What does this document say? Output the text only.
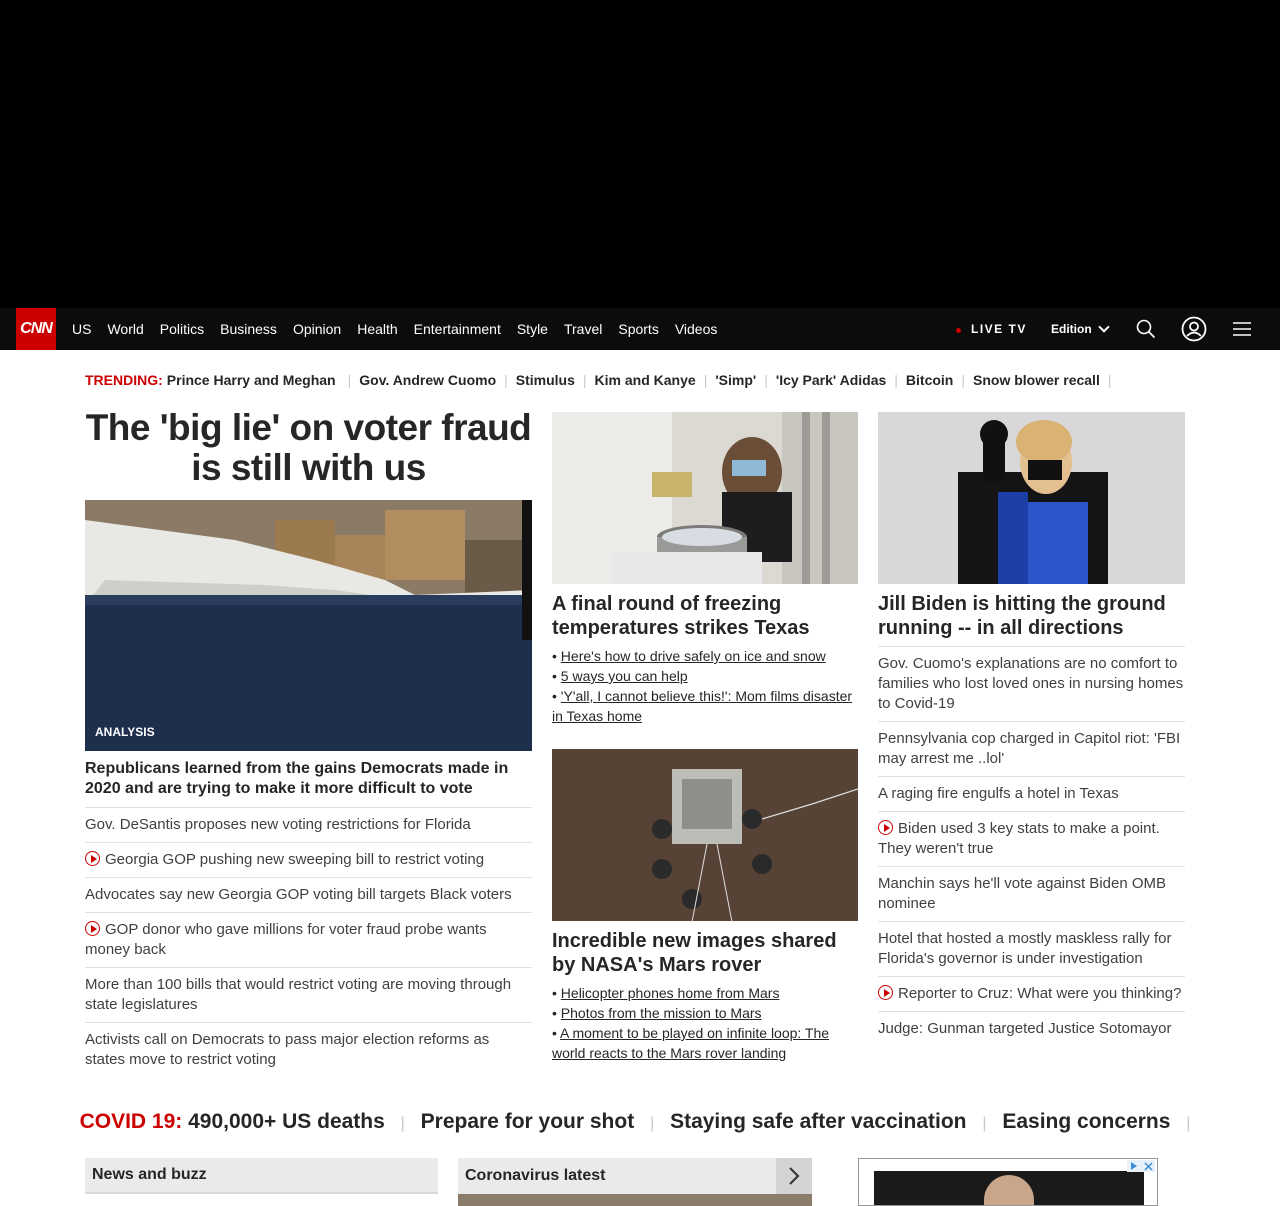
CNN US World Politics Business Opinion Health Entertainment Style Travel Sports Videos	LIVE TV Edition
TRENDING: Prince Harry and Meghan | Gov. Andrew Cuomo | Stimulus | Kim and Kanye | 'Simp' | 'Icy Park' Adidas | Bitcoin | Snow blower recall |
The 'big lie' on voter fraud is still with us
ANALYSIS
Republicans learned from the gains Democrats made in 2020 and are trying to make it more difficult to vote
Gov. DeSantis proposes new voting restrictions for Florida
Georgia GOP pushing new sweeping bill to restrict voting
Advocates say new Georgia GOP voting bill targets Black voters
GOP donor who gave millions for voter fraud probe wants money back
More than 100 bills that would restrict voting are moving through state legislatures
Activists call on Democrats to pass major election reforms as states move to restrict voting
A final round of freezing temperatures strikes Texas
• Here's how to drive safely on ice and snow
• 5 ways you can help
• 'Y'all, I cannot believe this!': Mom films disaster in Texas home
Incredible new images shared by NASA's Mars rover
• Helicopter phones home from Mars
• Photos from the mission to Mars
• A moment to be played on infinite loop: The world reacts to the Mars rover landing
Jill Biden is hitting the ground running -- in all directions
Gov. Cuomo's explanations are no comfort to families who lost loved ones in nursing homes to Covid-19
Pennsylvania cop charged in Capitol riot: 'FBI may arrest me ..lol'
A raging fire engulfs a hotel in Texas
Biden used 3 key stats to make a point. They weren't true
Manchin says he'll vote against Biden OMB nominee
Hotel that hosted a mostly maskless rally for Florida's governor is under investigation
Reporter to Cruz: What were you thinking?
Judge: Gunman targeted Justice Sotomayor
COVID 19: 490,000+ US deaths | Prepare for your shot | Staying safe after vaccination | Easing concerns |
News and buzz	Coronavirus latest
